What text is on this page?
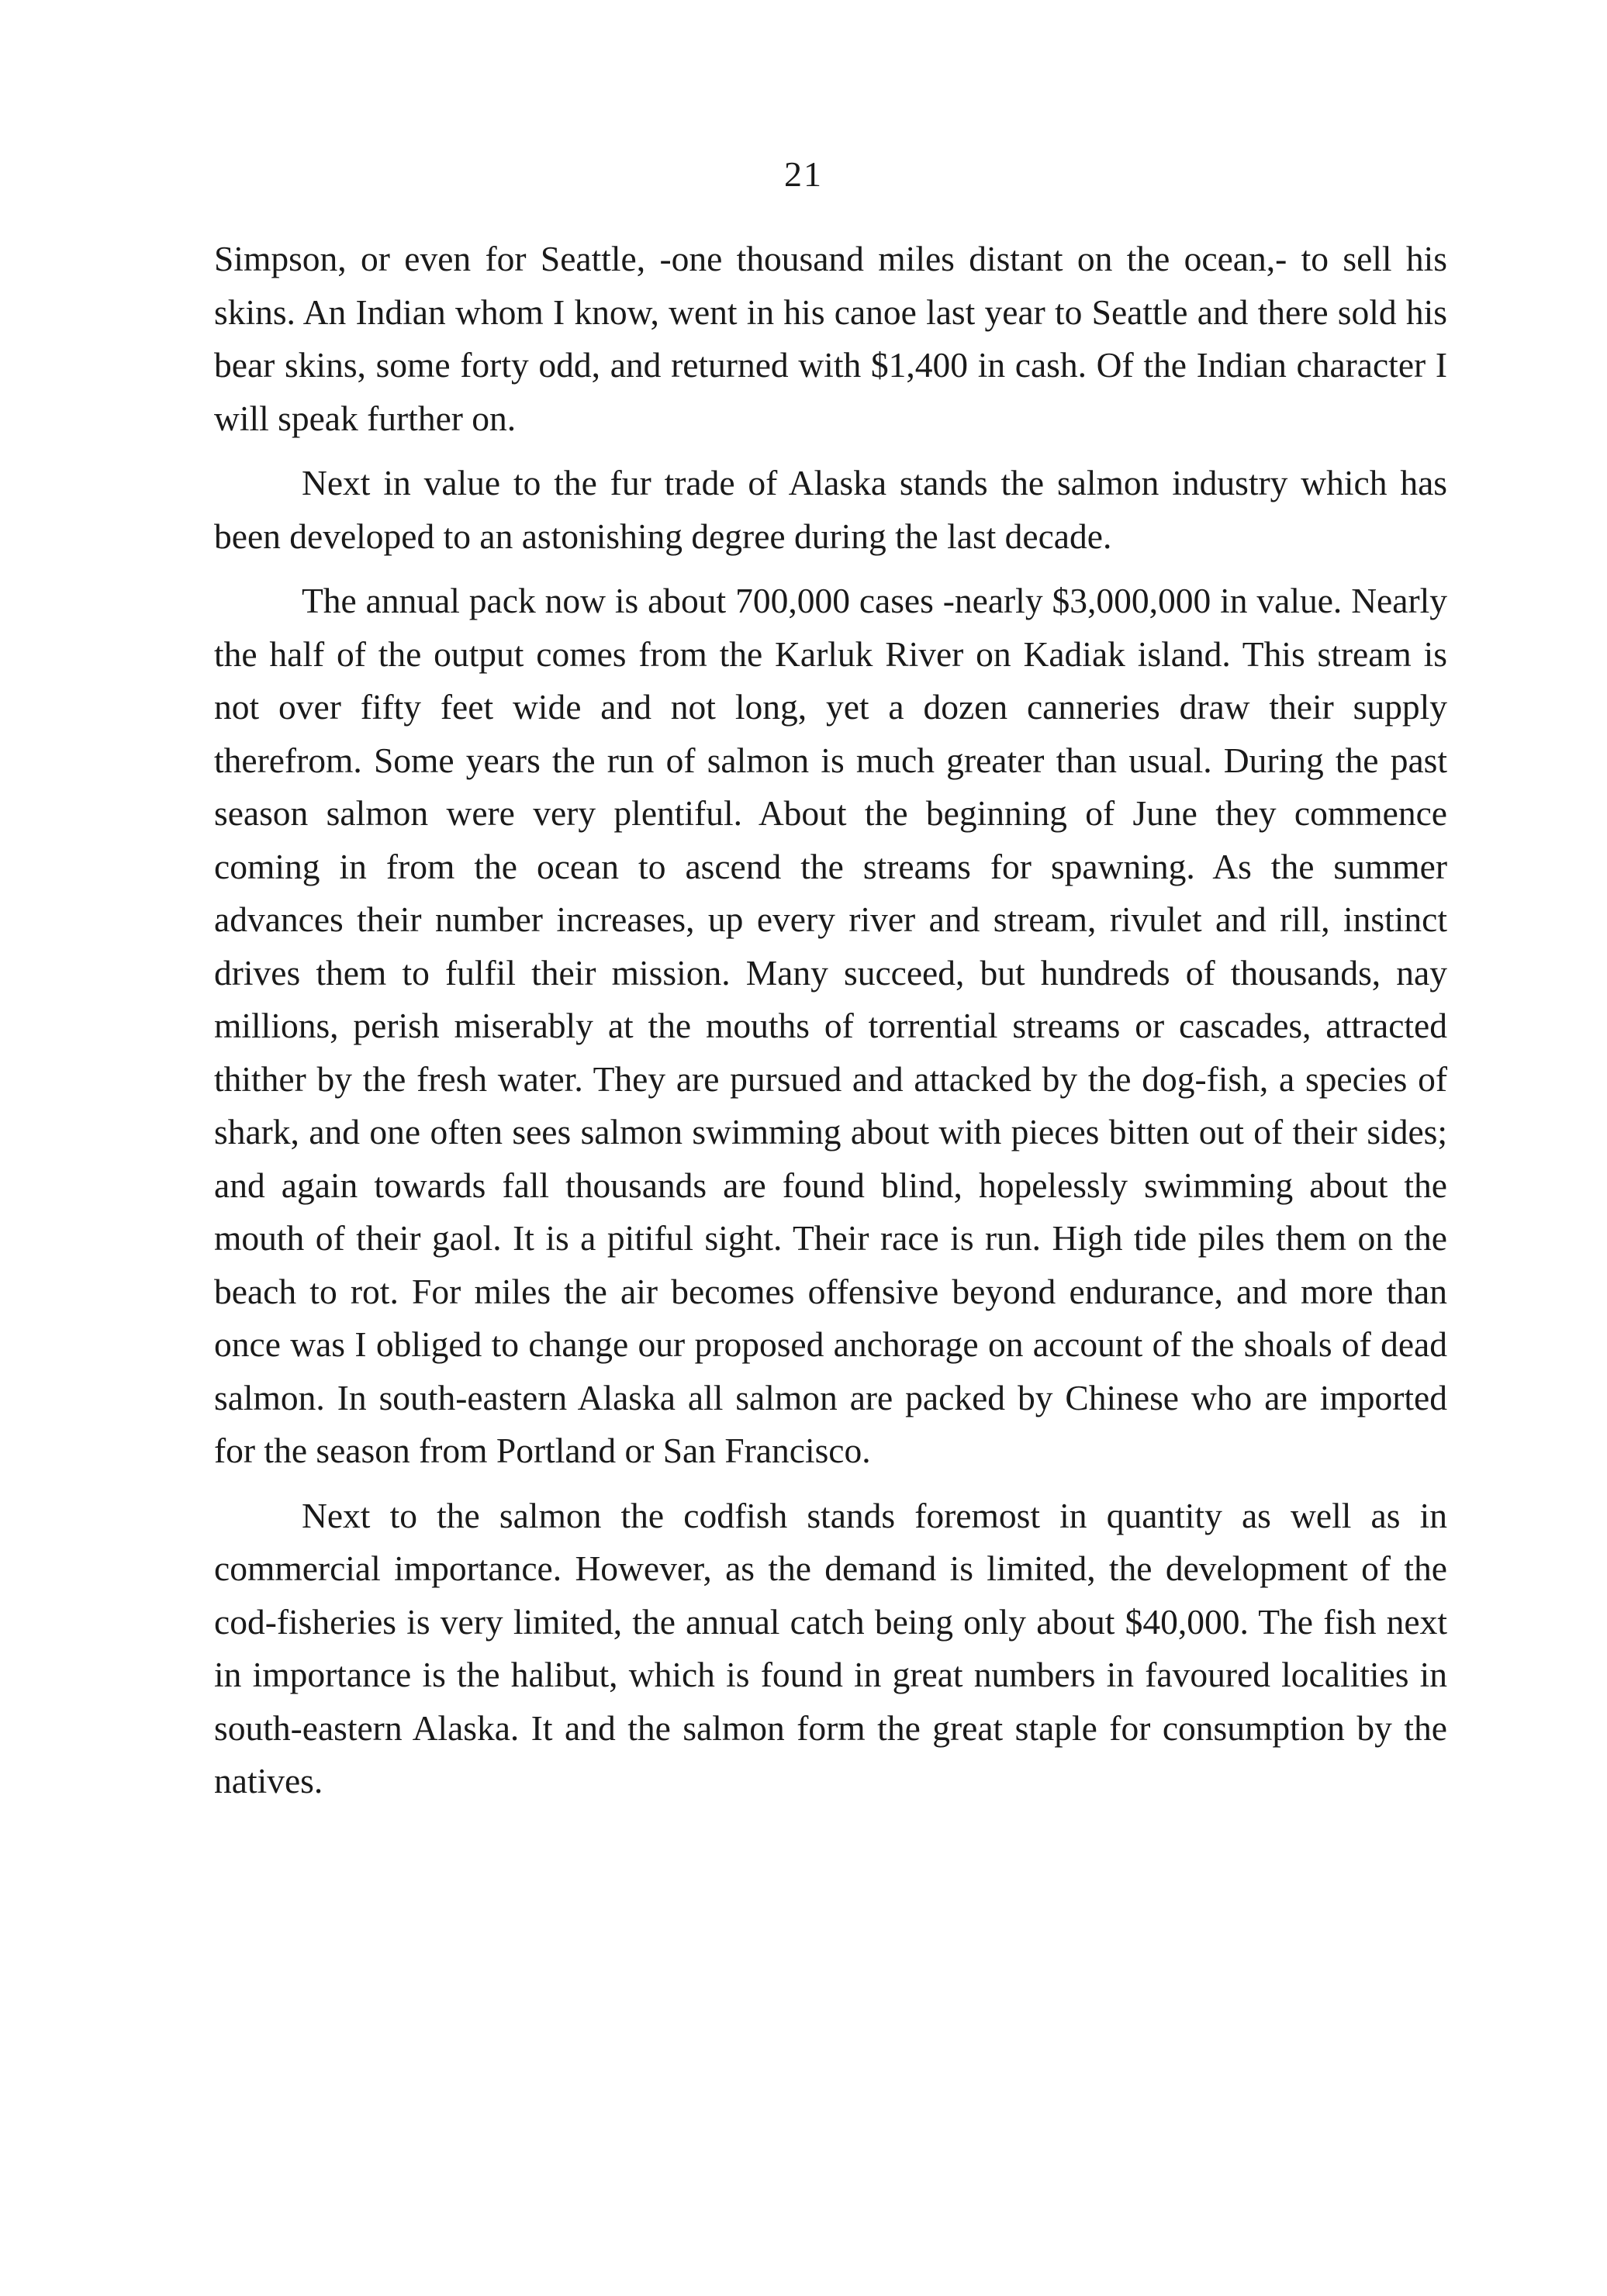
21

Simpson, or even for Seattle, -one thousand miles distant on the ocean,- to sell his skins. An Indian whom I know, went in his canoe last year to Seattle and there sold his bear skins, some forty odd, and returned with $1,400 in cash. Of the Indian character I will speak further on.

Next in value to the fur trade of Alaska stands the salmon industry which has been developed to an astonishing degree during the last decade.

The annual pack now is about 700,000 cases -nearly $3,000,000 in value. Nearly the half of the output comes from the Karluk River on Kadiak island. This stream is not over fifty feet wide and not long, yet a dozen canneries draw their supply therefrom. Some years the run of salmon is much greater than usual. During the past season salmon were very plentiful. About the beginning of June they commence coming in from the ocean to ascend the streams for spawning. As the summer advances their number increases, up every river and stream, rivulet and rill, instinct drives them to fulfil their mission. Many succeed, but hundreds of thousands, nay millions, perish miserably at the mouths of torrential streams or cascades, attracted thither by the fresh water. They are pursued and attacked by the dog-fish, a species of shark, and one often sees salmon swimming about with pieces bitten out of their sides; and again towards fall thousands are found blind, hopelessly swimming about the mouth of their gaol. It is a pitiful sight. Their race is run. High tide piles them on the beach to rot. For miles the air becomes offensive beyond endurance, and more than once was I obliged to change our proposed anchorage on account of the shoals of dead salmon. In south-eastern Alaska all salmon are packed by Chinese who are imported for the season from Portland or San Francisco.

Next to the salmon the codfish stands foremost in quantity as well as in commercial importance. However, as the demand is limited, the development of the cod-fisheries is very limited, the annual catch being only about $40,000. The fish next in importance is the halibut, which is found in great numbers in favoured localities in south-eastern Alaska. It and the salmon form the great staple for consumption by the natives.
